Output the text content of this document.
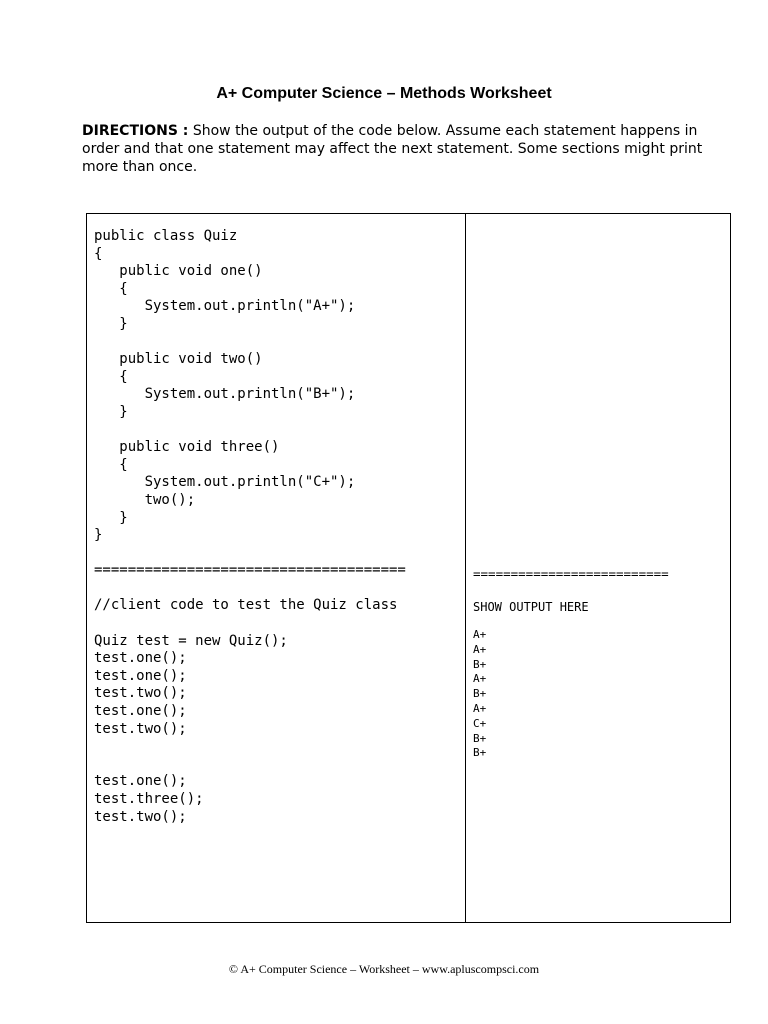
A+ Computer Science – Methods Worksheet
DIRECTIONS : Show the output of the code below. Assume each statement happens in order and that one statement may affect the next statement. Some sections might print more than once.
public class Quiz
{
public void one()
{
System.out.println("A+");
}
public void two()
{
System.out.println("B+");
}
public void three()
{
System.out.println("C+");
two();
}
}
=====================================
//client code to test the Quiz class
Quiz test = new Quiz();
test.one();
test.one();
test.two();
test.one();
test.two();
test.one();
test.three();
test.two();
==========================
SHOW OUTPUT HERE
A+
A+
B+
A+
B+
A+
C+
B+
B+
© A+ Computer Science – Worksheet – www.apluscompsci.com
